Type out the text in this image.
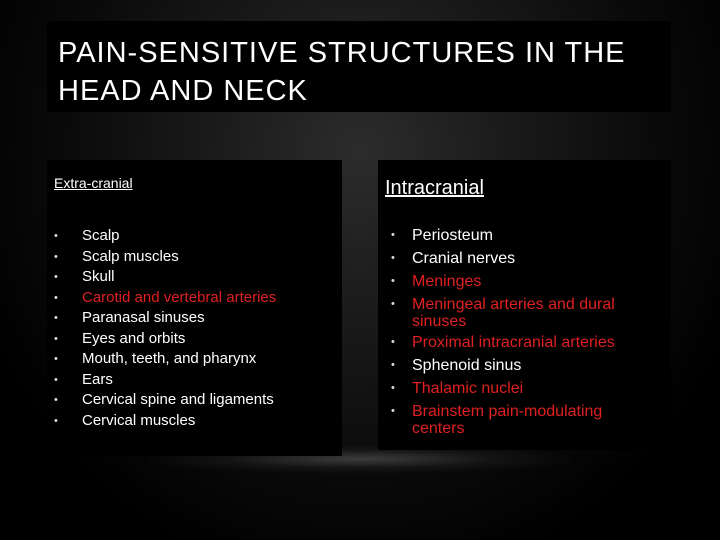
PAIN-SENSITIVE STRUCTURES IN THE HEAD AND NECK
Extra-cranial
• Scalp
• Scalp muscles
• Skull
• Carotid and vertebral arteries
• Paranasal sinuses
• Eyes and orbits
• Mouth, teeth, and pharynx
• Ears
• Cervical spine and ligaments
• Cervical muscles
Intracranial
• Periosteum
• Cranial nerves
• Meninges
• Meningeal arteries and dural sinuses
• Proximal intracranial arteries
• Sphenoid sinus
• Thalamic nuclei
• Brainstem pain-modulating centers
